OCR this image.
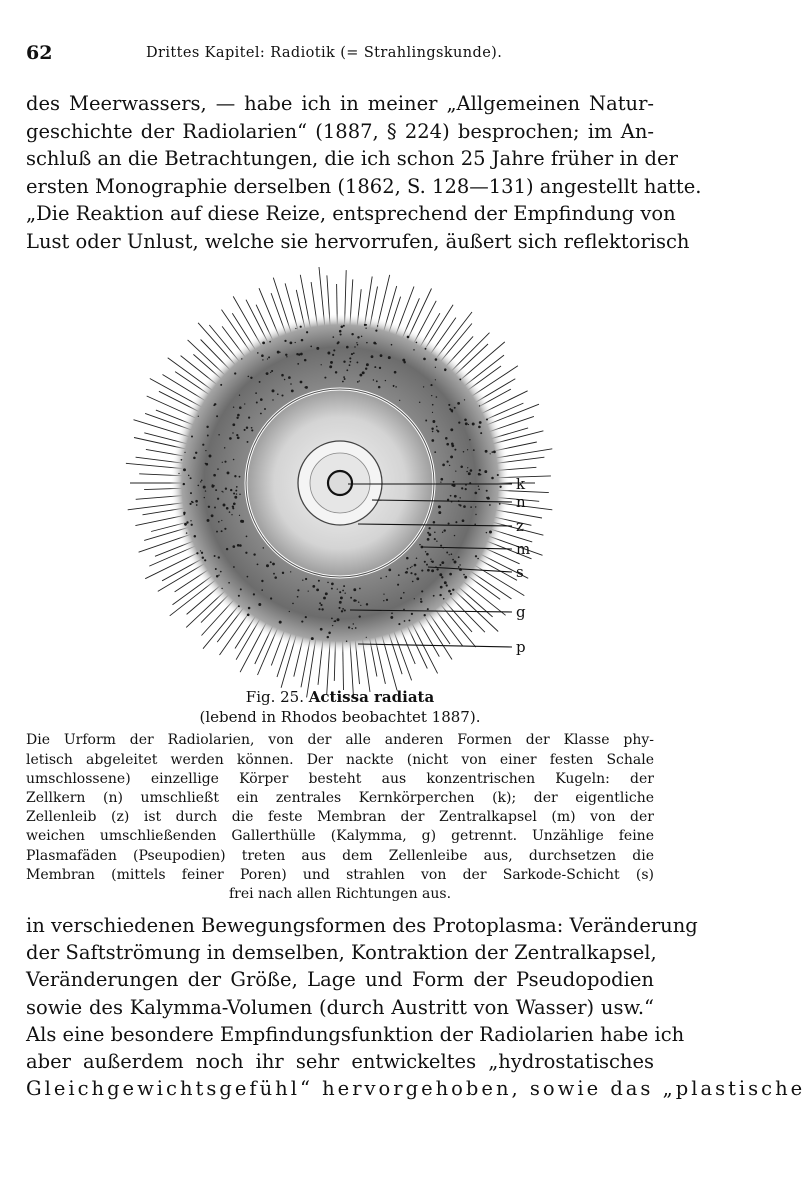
62	Drittes Kapitel: Radiotik (= Strahlingskunde).
des Meerwassers, — habe ich in meiner „Allgemeinen Natur-
geschichte der Radiolarien“ (1887, § 224) besprochen; im An-
schluß an die Betrachtungen, die ich schon 25 Jahre früher in der
ersten Monographie derselben (1862, S. 128—131) angestellt hatte.
„Die Reaktion auf diese Reize, entsprechend der Empfindung von
Lust oder Unlust, welche sie hervorrufen, äußert sich reflektorisch
k
n
z
m
s
g
p
Fig. 25. Actissa radiata
(lebend in Rhodos beobachtet 1887).
Die Urform der Radiolarien, von der alle anderen Formen der Klasse phy-
letisch abgeleitet werden können. Der nackte (nicht von einer festen Schale
umschlossene) einzellige Körper besteht aus konzentrischen Kugeln: der
Zellkern (n) umschließt ein zentrales Kernkörperchen (k); der eigentliche
Zellenleib (z) ist durch die feste Membran der Zentralkapsel (m) von der
weichen umschließenden Gallerthülle (Kalymma, g) getrennt. Unzählige feine
Plasmafäden (Pseupodien) treten aus dem Zellenleibe aus, durchsetzen die
Membran (mittels feiner Poren) und strahlen von der Sarkode-Schicht (s)
frei nach allen Richtungen aus.
in verschiedenen Bewegungsformen des Protoplasma: Veränderung
der Saftströmung in demselben, Kontraktion der Zentralkapsel,
Veränderungen der Größe, Lage und Form der Pseudopodien
sowie des Kalymma-Volumen (durch Austritt von Wasser) usw.“
Als eine besondere Empfindungsfunktion der Radiolarien habe ich
aber außerdem noch ihr sehr entwickeltes „hydrostatisches
Gleichgewichtsgefühl“ hervorgehoben, sowie das „plastische
